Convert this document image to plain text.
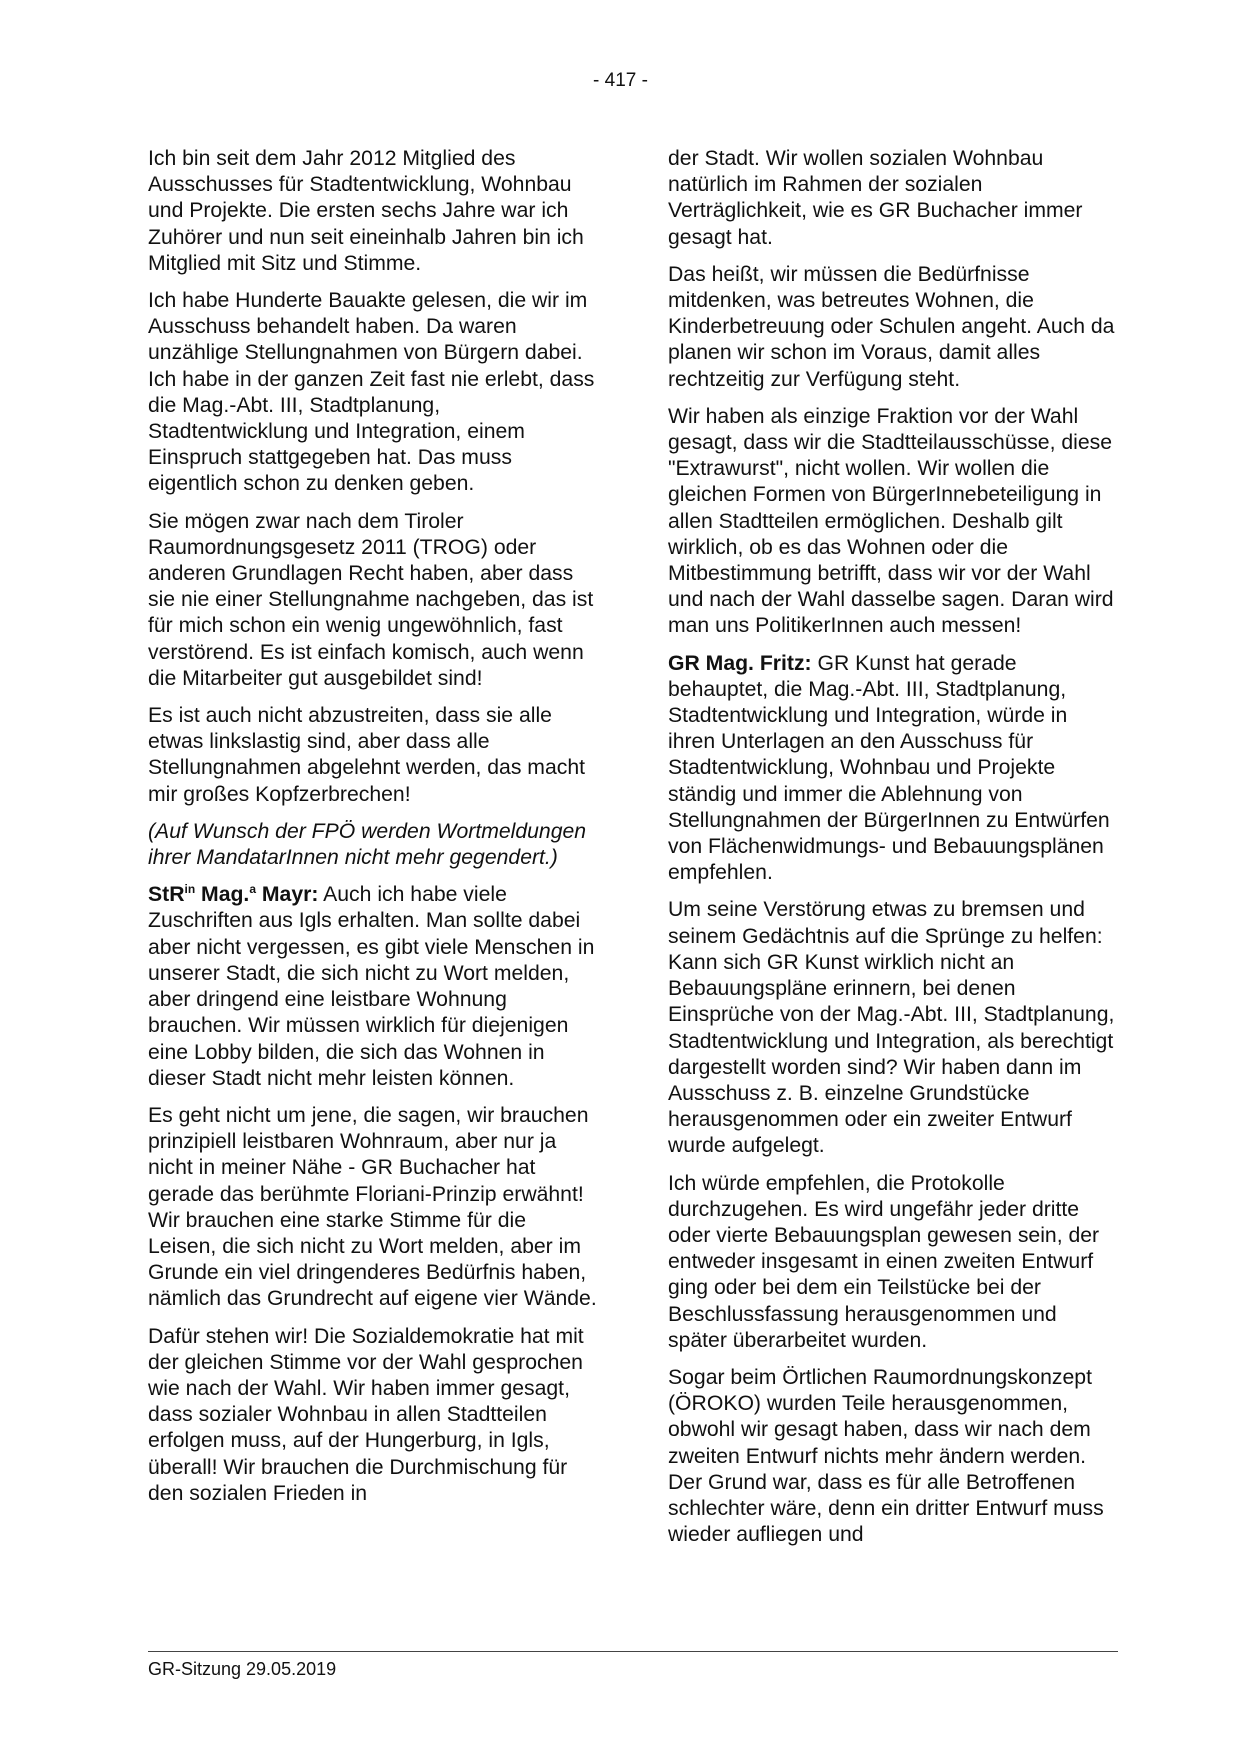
- 417 -

Ich bin seit dem Jahr 2012 Mitglied des Ausschusses für Stadtentwicklung, Wohnbau und Projekte. Die ersten sechs Jahre war ich Zuhörer und nun seit eineinhalb Jahren bin ich Mitglied mit Sitz und Stimme.

Ich habe Hunderte Bauakte gelesen, die wir im Ausschuss behandelt haben. Da waren unzählige Stellungnahmen von Bürgern dabei. Ich habe in der ganzen Zeit fast nie erlebt, dass die Mag.-Abt. III, Stadtplanung, Stadtentwicklung und Integration, einem Einspruch stattgegeben hat. Das muss eigentlich schon zu denken geben.

Sie mögen zwar nach dem Tiroler Raumordnungsgesetz 2011 (TROG) oder anderen Grundlagen Recht haben, aber dass sie nie einer Stellungnahme nachgeben, das ist für mich schon ein wenig ungewöhnlich, fast verstörend. Es ist einfach komisch, auch wenn die Mitarbeiter gut ausgebildet sind!

Es ist auch nicht abzustreiten, dass sie alle etwas linkslastig sind, aber dass alle Stellungnahmen abgelehnt werden, das macht mir großes Kopfzerbrechen!

(Auf Wunsch der FPÖ werden Wortmeldungen ihrer MandatarInnen nicht mehr gegendert.)

StR$^{in}$ Mag.$^a$ Mayr: Auch ich habe viele Zuschriften aus Igls erhalten. Man sollte dabei aber nicht vergessen, es gibt viele Menschen in unserer Stadt, die sich nicht zu Wort melden, aber dringend eine leistbare Wohnung brauchen. Wir müssen wirklich für diejenigen eine Lobby bilden, die sich das Wohnen in dieser Stadt nicht mehr leisten können.

Es geht nicht um jene, die sagen, wir brauchen prinzipiell leistbaren Wohnraum, aber nur ja nicht in meiner Nähe - GR Buchacher hat gerade das berühmte Floriani-Prinzip erwähnt! Wir brauchen eine starke Stimme für die Leisen, die sich nicht zu Wort melden, aber im Grunde ein viel dringenderes Bedürfnis haben, nämlich das Grundrecht auf eigene vier Wände.

Dafür stehen wir! Die Sozialdemokratie hat mit der gleichen Stimme vor der Wahl gesprochen wie nach der Wahl. Wir haben immer gesagt, dass sozialer Wohnbau in allen Stadtteilen erfolgen muss, auf der Hungerburg, in Igls, überall! Wir brauchen die Durchmischung für den sozialen Frieden in

der Stadt. Wir wollen sozialen Wohnbau natürlich im Rahmen der sozialen Verträglichkeit, wie es GR Buchacher immer gesagt hat.

Das heißt, wir müssen die Bedürfnisse mitdenken, was betreutes Wohnen, die Kinderbetreuung oder Schulen angeht. Auch da planen wir schon im Voraus, damit alles rechtzeitig zur Verfügung steht.

Wir haben als einzige Fraktion vor der Wahl gesagt, dass wir die Stadtteilausschüsse, diese "Extrawurst", nicht wollen. Wir wollen die gleichen Formen von BürgerInnebeteiligung in allen Stadtteilen ermöglichen. Deshalb gilt wirklich, ob es das Wohnen oder die Mitbestimmung betrifft, dass wir vor der Wahl und nach der Wahl dasselbe sagen. Daran wird man uns PolitikerInnen auch messen!

GR Mag. Fritz: GR Kunst hat gerade behauptet, die Mag.-Abt. III, Stadtplanung, Stadtentwicklung und Integration, würde in ihren Unterlagen an den Ausschuss für Stadtentwicklung, Wohnbau und Projekte ständig und immer die Ablehnung von Stellungnahmen der BürgerInnen zu Entwürfen von Flächenwidmungs- und Bebauungsplänen empfehlen.

Um seine Verstörung etwas zu bremsen und seinem Gedächtnis auf die Sprünge zu helfen: Kann sich GR Kunst wirklich nicht an Bebauungspläne erinnern, bei denen Einsprüche von der Mag.-Abt. III, Stadtplanung, Stadtentwicklung und Integration, als berechtigt dargestellt worden sind? Wir haben dann im Ausschuss z. B. einzelne Grundstücke herausgenommen oder ein zweiter Entwurf wurde aufgelegt.

Ich würde empfehlen, die Protokolle durchzugehen. Es wird ungefähr jeder dritte oder vierte Bebauungsplan gewesen sein, der entweder insgesamt in einen zweiten Entwurf ging oder bei dem ein Teilstücke bei der Beschlussfassung herausgenommen und später überarbeitet wurden.

Sogar beim Örtlichen Raumordnungskonzept (ÖROKO) wurden Teile herausgenommen, obwohl wir gesagt haben, dass wir nach dem zweiten Entwurf nichts mehr ändern werden. Der Grund war, dass es für alle Betroffenen schlechter wäre, denn ein dritter Entwurf muss wieder aufliegen und

GR-Sitzung 29.05.2019
